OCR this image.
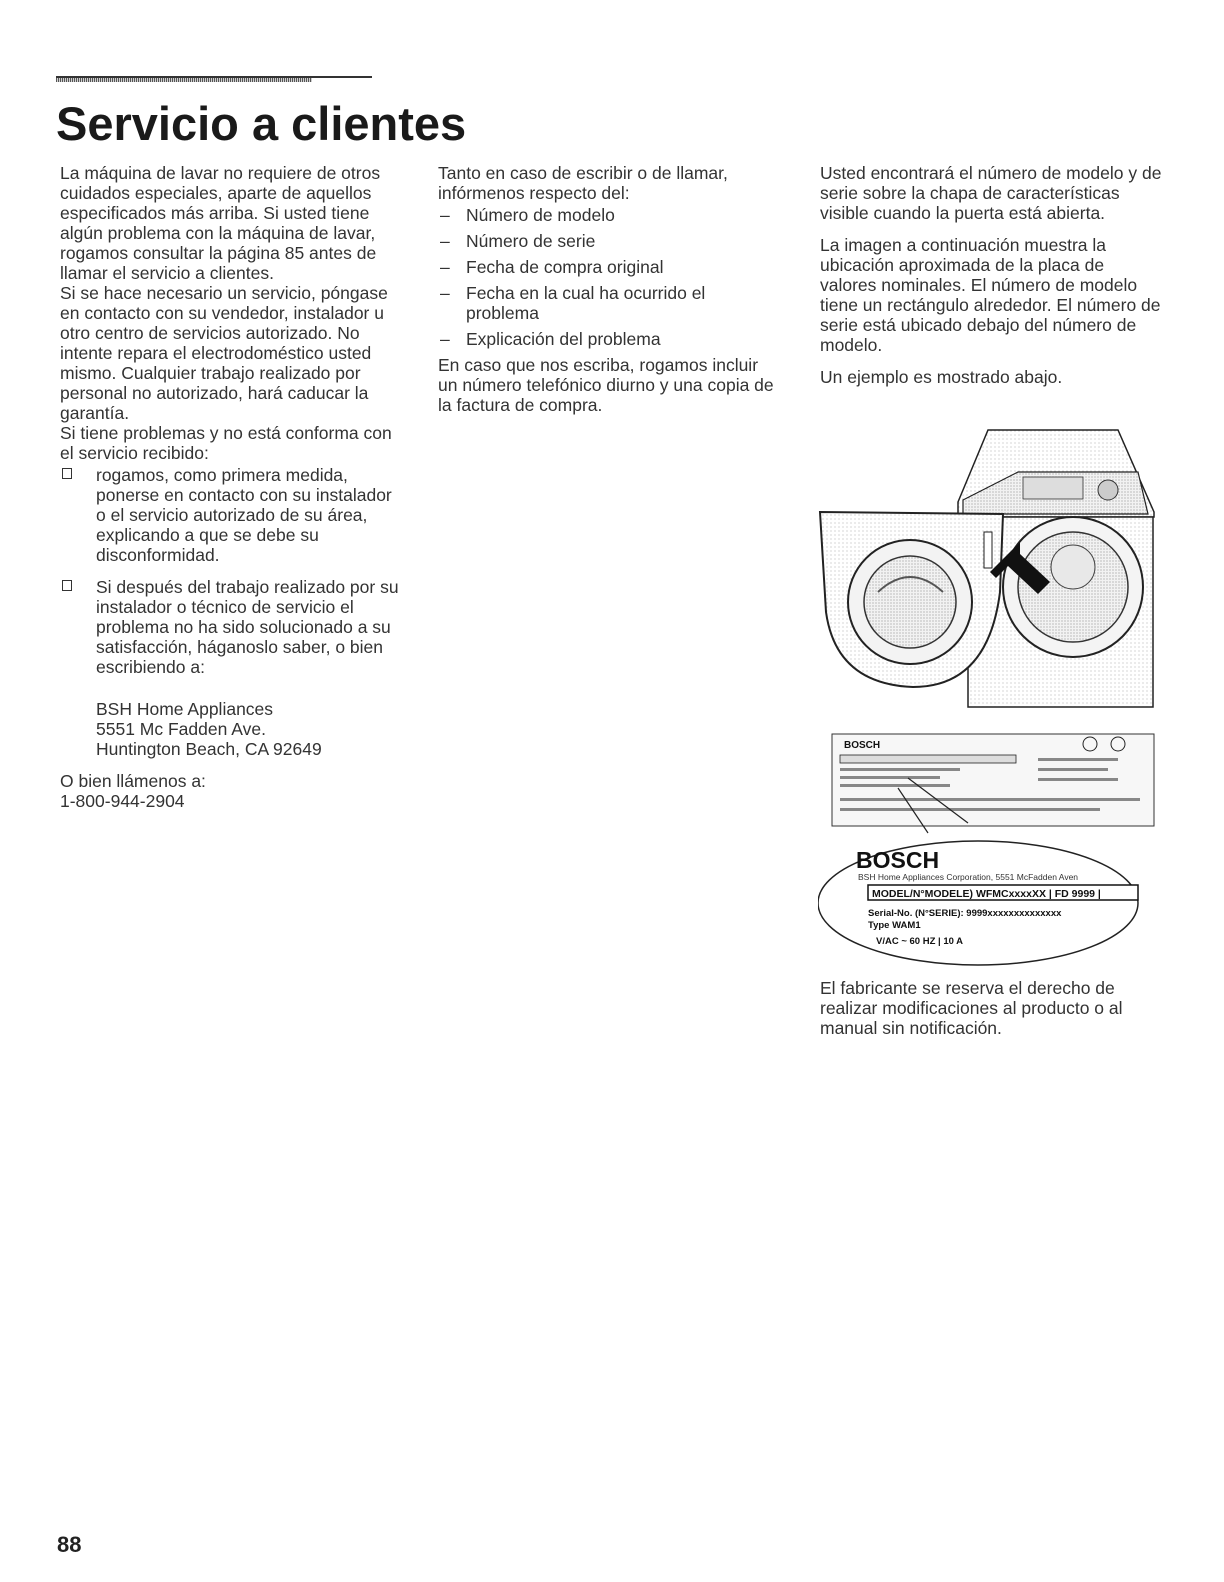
Servicio a clientes

La máquina de lavar no requiere de otros cuidados especiales, aparte de aquellos especificados más arriba. Si usted tiene algún problema con la máquina de lavar, rogamos consultar la página 85 antes de llamar el servicio a clientes.

Si se hace necesario un servicio, póngase en contacto con su vendedor, instalador u otro centro de servicios autorizado. No intente repara el electrodoméstico usted mismo. Cualquier trabajo realizado por personal no autorizado, hará caducar la garantía.

Si tiene problemas y no está conforma con el servicio recibido:

rogamos, como primera medida, ponerse en contacto con su instalador o el servicio autorizado de su área, explicando a que se debe su disconformidad.
Si después del trabajo realizado por su instalador o técnico de servicio el problema no ha sido solucionado a su satisfacción, háganoslo saber, o bien escribiendo a:

BSH Home Appliances
5551 Mc Fadden Ave.
Huntington Beach, CA 92649

O bien llámenos a:
1-800-944-2904

Tanto en caso de escribir o de llamar, infórmenos respecto del:

– Número de modelo
– Número de serie
– Fecha de compra original
– Fecha en la cual ha ocurrido el problema
– Explicación del problema

En caso que nos escriba, rogamos incluir un número telefónico diurno y una copia de la factura de compra.

Usted encontrará el número de modelo y de serie sobre la chapa de características visible cuando la puerta está abierta.

La imagen a continuación muestra la ubicación aproximada de la placa de valores nominales. El número de modelo tiene un rectángulo alrededor. El número de serie está ubicado debajo del número de modelo.

Un ejemplo es mostrado abajo.

BOSCH
BOSCH
BSH Home Appliances Corporation, 5551 McFadden Aven
MODEL/N°MODELE) WFMCxxxxXX | FD 9999 |
Serial-No. (N°SERIE): 9999xxxxxxxxxxxxxx
Type WAM1
V/AC ~ 60 HZ | 10 A

El fabricante se reserva el derecho de realizar modificaciones al producto o al manual sin notificación.

88
